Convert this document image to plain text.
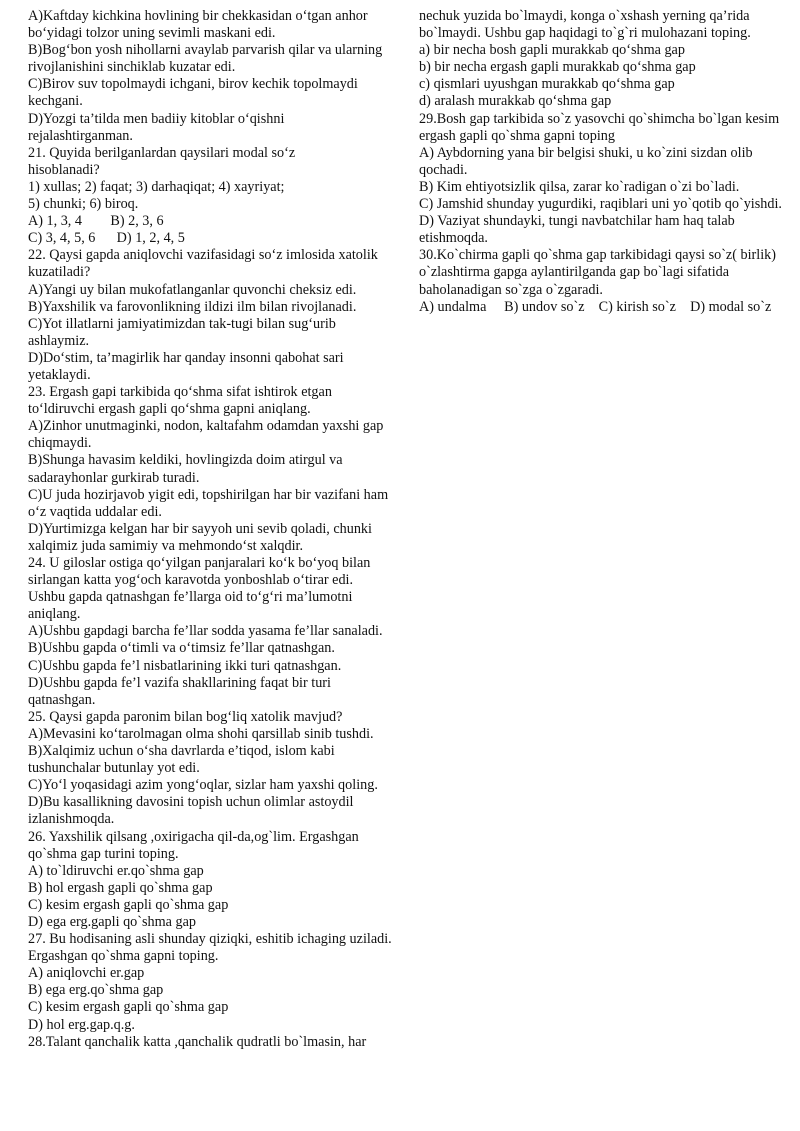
A)Kaftday kichkina hovlining bir chekkasidan o‘tgan anhor
bo‘yidagi tolzor uning sevimli maskani edi.
B)Bog‘bon yosh nihollarni avaylab parvarish qilar va ularning
rivojlanishini sinchiklab kuzatar edi.
C)Birov suv topolmaydi ichgani, birov kechik topolmaydi
kechgani.
D)Yozgi ta’tilda men badiiy kitoblar o‘qishni
rejalashtirganman.
21. Quyida berilganlardan qaysilari modal so‘z
hisoblanadi?
1) xullas; 2) faqat; 3) darhaqiqat; 4) xayriyat;
5) chunki; 6) biroq.
A) 1, 3, 4        B) 2, 3, 6
C) 3, 4, 5, 6      D) 1, 2, 4, 5
22. Qaysi gapda aniqlovchi vazifasidagi so‘z imlosida xatolik
kuzatiladi?
A)Yangi uy bilan mukofatlanganlar quvonchi cheksiz edi.
B)Yaxshilik va farovonlikning ildizi ilm bilan rivojlanadi.
C)Yot illatlarni jamiyatimizdan tak-tugi bilan sug‘urib
ashlaymiz.
D)Do‘stim, ta’magirlik har qanday insonni qabohat sari
yetaklaydi.
23. Ergash gapi tarkibida qo‘shma sifat ishtirok etgan
to‘ldiruvchi ergash gapli qo‘shma gapni aniqlang.
A)Zinhor unutmaginki, nodon, kaltafahm odamdan yaxshi gap
chiqmaydi.
B)Shunga havasim keldiki, hovlingizda doim atirgul va
sadarayhonlar gurkirab turadi.
C)U juda hozirjavob yigit edi, topshirilgan har bir vazifani ham
o‘z vaqtida uddalar edi.
D)Yurtimizga kelgan har bir sayyoh uni sevib qoladi, chunki
xalqimiz juda samimiy va mehmondo‘st xalqdir.
24. U giloslar ostiga qo‘yilgan panjaralari ko‘k bo‘yoq bilan
sirlangan katta yog‘och karavotda yonboshlab o‘tirar edi.
Ushbu gapda qatnashgan fe’llarga oid to‘g‘ri ma’lumotni
aniqlang.
A)Ushbu gapdagi barcha fe’llar sodda yasama fe’llar sanaladi.
B)Ushbu gapda o‘timli va o‘timsiz fe’llar qatnashgan.
C)Ushbu gapda fe’l nisbatlarining ikki turi qatnashgan.
D)Ushbu gapda fe’l vazifa shakllarining faqat bir turi
qatnashgan.
25. Qaysi gapda paronim bilan bog‘liq xatolik mavjud?
A)Mevasini ko‘tarolmagan olma shohi qarsillab sinib tushdi.
B)Xalqimiz uchun o‘sha davrlarda e’tiqod, islom kabi
tushunchalar butunlay yot edi.
C)Yo‘l yoqasidagi azim yong‘oqlar, sizlar ham yaxshi qoling.
D)Bu kasallikning davosini topish uchun olimlar astoydil
izlanishmoqda.
26. Yaxshilik qilsang ,oxirigacha qil-da,og`lim. Ergashgan
qo`shma gap turini toping.
A) to`ldiruvchi er.qo`shma gap
B) hol ergash gapli qo`shma gap
C) kesim ergash gapli qo`shma gap
D) ega erg.gapli qo`shma gap
27. Bu hodisaning asli shunday qiziqki, eshitib ichaging uziladi.
Ergashgan qo`shma gapni toping.
A) aniqlovchi er.gap
B) ega erg.qo`shma gap
C) kesim ergash gapli qo`shma gap
D) hol erg.gap.q.g.
28.Talant qanchalik katta ,qanchalik qudratli bo`lmasin, har
nechuk yuzida bo`lmaydi, konga o`xshash yerning qa’rida
bo`lmaydi. Ushbu gap haqidagi to`g`ri mulohazani toping.
a) bir necha bosh gapli murakkab qo‘shma gap
b) bir necha ergash gapli murakkab qo‘shma gap
c) qismlari uyushgan murakkab qo‘shma gap
d) aralash murakkab qo‘shma gap
29.Bosh gap tarkibida so`z yasovchi qo`shimcha bo`lgan kesim
ergash gapli qo`shma gapni toping
A) Aybdorning yana bir belgisi shuki, u ko`zini sizdan olib
qochadi.
B) Kim ehtiyotsizlik qilsa, zarar ko`radigan o`zi bo`ladi.
C) Jamshid shunday yugurdiki, raqiblari uni yo`qotib qo`yishdi.
D) Vaziyat shundayki, tungi navbatchilar ham haq talab
etishmoqda.
30.Ko`chirma gapli qo`shma gap tarkibidagi qaysi so`z( birlik)
o`zlashtirma gapga aylantirilganda gap bo`lagi sifatida
baholanadigan so`zga o`zgaradi.
A) undalma     B) undov so`z    C) kirish so`z    D) modal so`z
